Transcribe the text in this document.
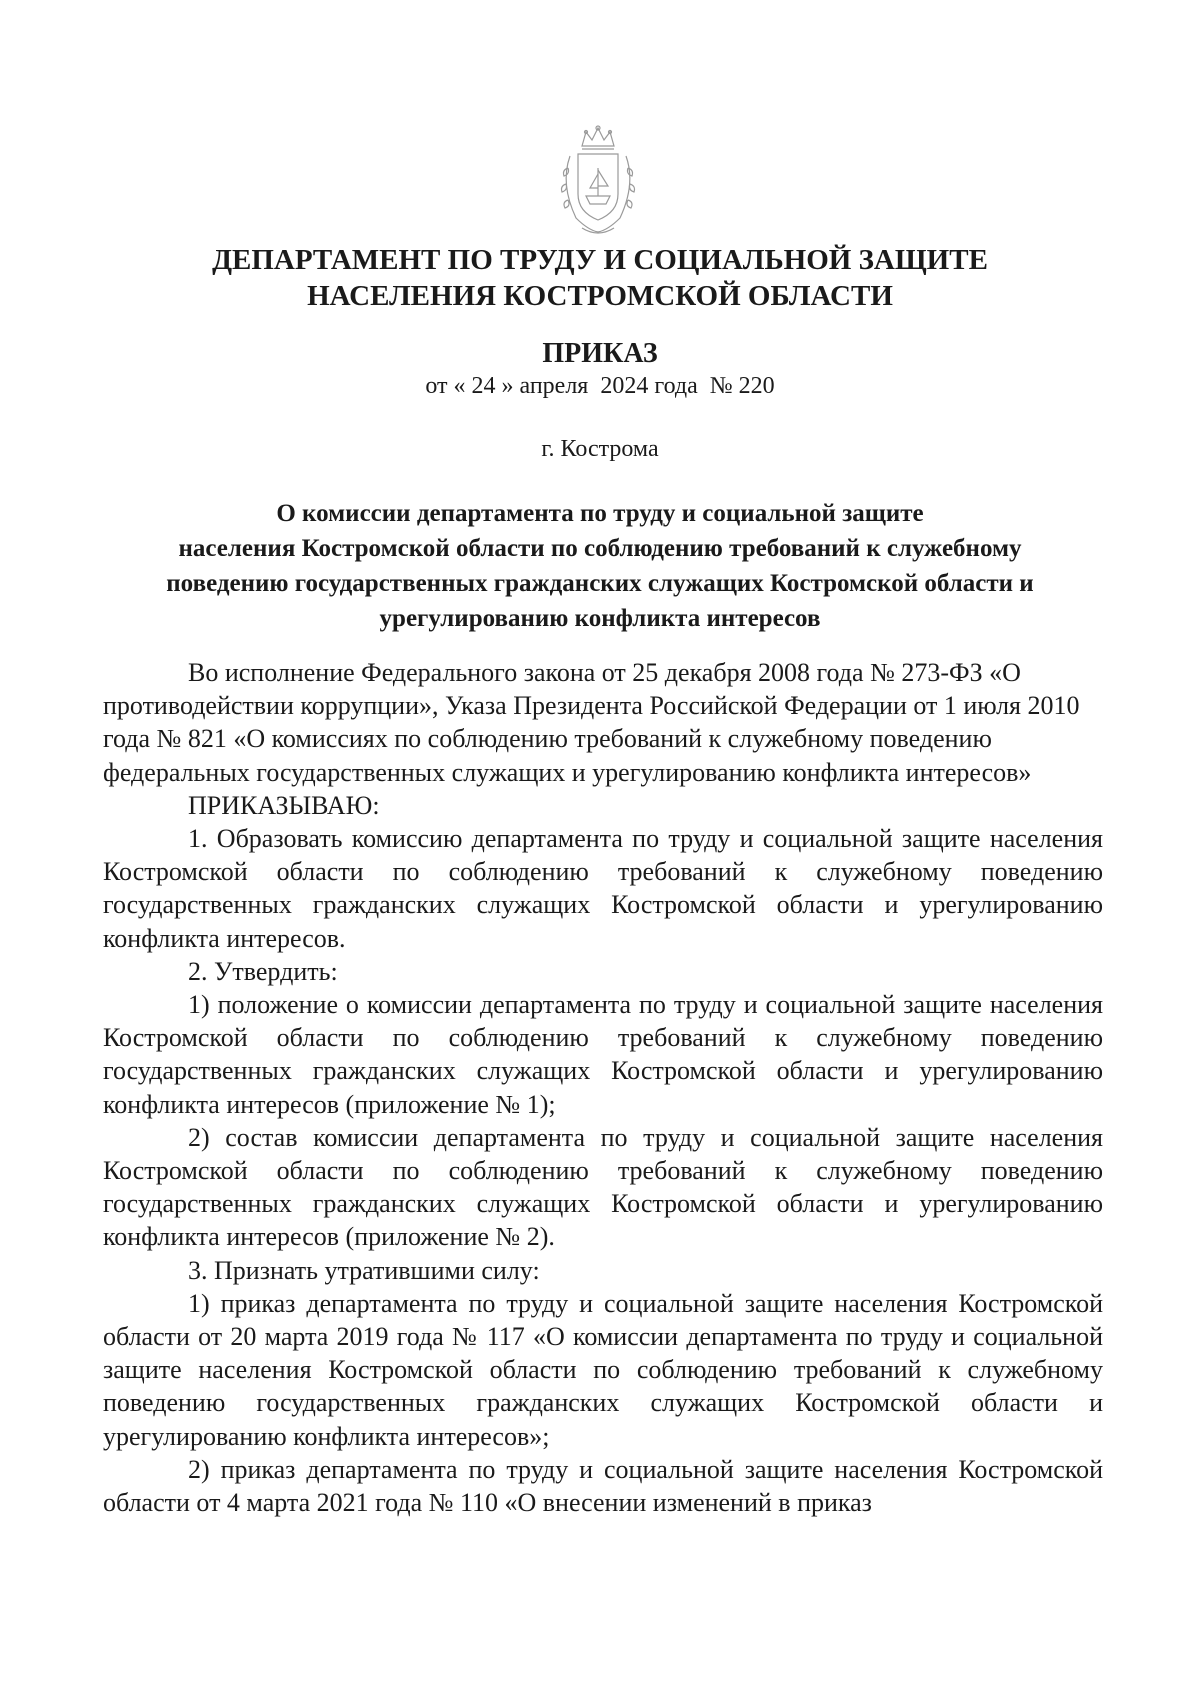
ДЕПАРТАМЕНТ ПО ТРУДУ И СОЦИАЛЬНОЙ ЗАЩИТЕ
НАСЕЛЕНИЯ КОСТРОМСКОЙ ОБЛАСТИ
ПРИКАЗ
от « 24 » апреля  2024 года  № 220
г. Кострома
О комиссии департамента по труду и социальной защите
населения Костромской области по соблюдению требований к служебному
поведению государственных гражданских служащих Костромской области и
урегулированию конфликта интересов

Во исполнение Федерального закона от 25 декабря 2008 года № 273-ФЗ «О противодействии коррупции», Указа Президента Российской Федерации от 1 июля 2010 года № 821 «О комиссиях по соблюдению требований к служебному поведению федеральных государственных служащих и урегулированию конфликта интересов»

ПРИКАЗЫВАЮ:

1. Образовать комиссию департамента по труду и социальной защите населения Костромской области по соблюдению требований к служебному поведению государственных гражданских служащих Костромской области и урегулированию конфликта интересов.

2. Утвердить:

1) положение о комиссии департамента по труду и социальной защите населения Костромской области по соблюдению требований к служебному поведению государственных гражданских служащих Костромской области и урегулированию конфликта интересов (приложение № 1);

2) состав комиссии департамента по труду и социальной защите населения Костромской области по соблюдению требований к служебному поведению государственных гражданских служащих Костромской области и урегулированию конфликта интересов (приложение № 2).

3. Признать утратившими силу:

1) приказ департамента по труду и социальной защите населения Костромской области от 20 марта 2019 года № 117 «О комиссии департамента по труду и социальной защите населения Костромской области по соблюдению требований к служебному поведению государственных гражданских служащих Костромской области и урегулированию конфликта интересов»;

2) приказ департамента по труду и социальной защите населения Костромской области от 4 марта 2021 года № 110 «О внесении изменений в приказ
